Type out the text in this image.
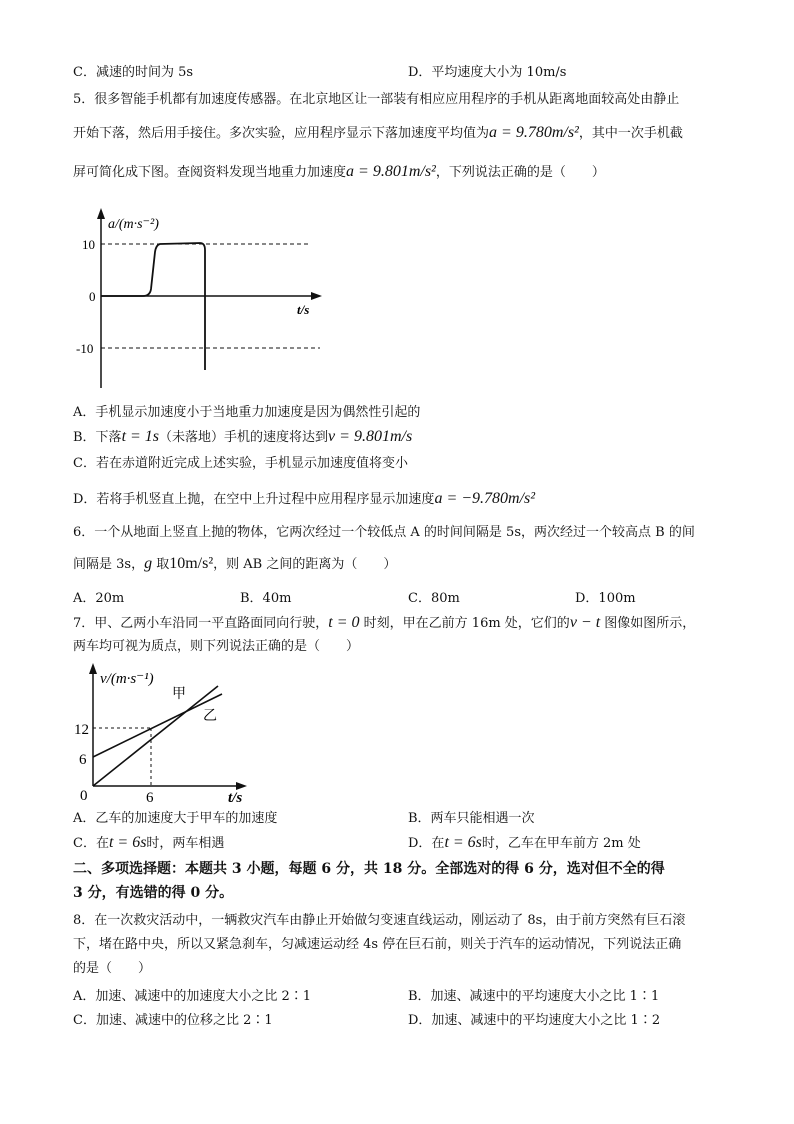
C．减速的时间为 5s	D．平均速度大小为 10m/s
5．很多智能手机都有加速度传感器。在北京地区让一部装有相应应用程序的手机从距离地面较高处由静止
开始下落，然后用手接住。多次实验，应用程序显示下落加速度平均值为a = 9.780m/s²，其中一次手机截
屏可简化成下图。查阅资料发现当地重力加速度a = 9.801m/s²，下列说法正确的是（　　）
a/(m·s⁻²)
10
0
-10
t/s
A．手机显示加速度小于当地重力加速度是因为偶然性引起的
B．下落t = 1s（未落地）手机的速度将达到v = 9.801m/s
C．若在赤道附近完成上述实验，手机显示加速度值将变小
D．若将手机竖直上抛，在空中上升过程中应用程序显示加速度a = −9.780m/s²
6．一个从地面上竖直上抛的物体，它两次经过一个较低点 A 的时间间隔是 5s，两次经过一个较高点 B 的间
间隔是 3s，g 取10m/s²，则 AB 之间的距离为（　　）
A．20m	B．40m	C．80m	D．100m
7．甲、乙两小车沿同一平直路面同向行驶，t = 0 时刻，甲在乙前方 16m 处，它们的v − t 图像如图所示，
两车均可视为质点，则下列说法正确的是（　　）
v/(m·s⁻¹)
甲
乙
12
6
0	6	t/s
A．乙车的加速度大于甲车的加速度	B．两车只能相遇一次
C．在t = 6s时，两车相遇	D．在t = 6s时，乙车在甲车前方 2m 处
二、多项选择题：本题共 3 小题，每题 6 分，共 18 分。全部选对的得 6 分，选对但不全的得
3 分，有选错的得 0 分。
8．在一次救灾活动中，一辆救灾汽车由静止开始做匀变速直线运动，刚运动了 8s，由于前方突然有巨石滚
下，堵在路中央，所以又紧急刹车，匀减速运动经 4s 停在巨石前，则关于汽车的运动情况，下列说法正确
的是（　　）
A．加速、减速中的加速度大小之比 2∶1	B．加速、减速中的平均速度大小之比 1∶1
C．加速、减速中的位移之比 2∶1	D．加速、减速中的平均速度大小之比 1∶2
